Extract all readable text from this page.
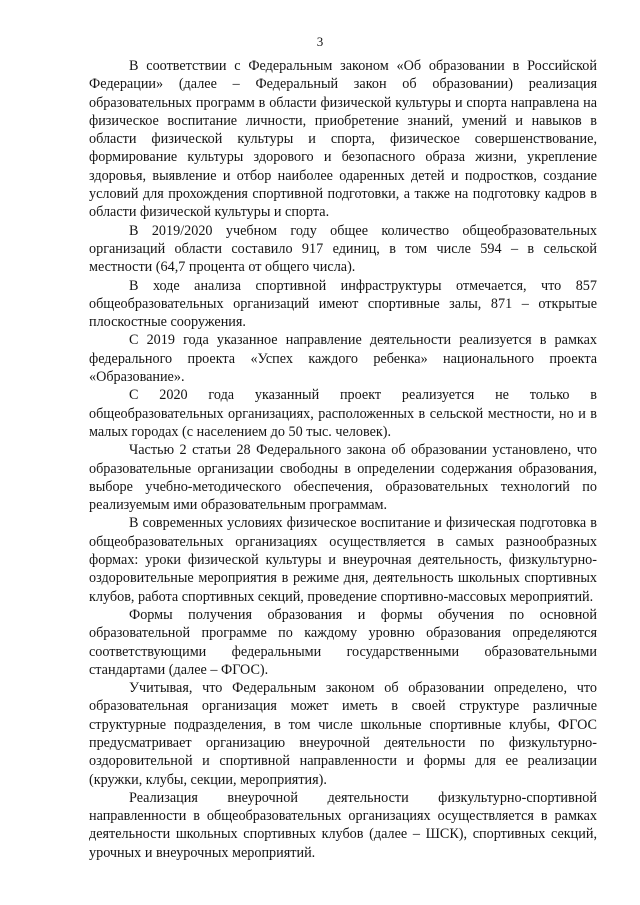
3

В соответствии с Федеральным законом «Об образовании в Российской Федерации» (далее – Федеральный закон об образовании) реализация образовательных программ в области физической культуры и спорта направлена на физическое воспитание личности, приобретение знаний, умений и навыков в области физической культуры и спорта, физическое совершенствование, формирование культуры здорового и безопасного образа жизни, укрепление здоровья, выявление и отбор наиболее одаренных детей и подростков, создание условий для прохождения спортивной подготовки, а также на подготовку кадров в области физической культуры и спорта.

В 2019/2020 учебном году общее количество общеобразовательных организаций области составило 917 единиц, в том числе 594 – в сельской местности (64,7 процента от общего числа).

В ходе анализа спортивной инфраструктуры отмечается, что 857 общеобразовательных организаций имеют спортивные залы, 871 – открытые плоскостные сооружения.

С 2019 года указанное направление деятельности реализуется в рамках федерального проекта «Успех каждого ребенка» национального проекта «Образование».

С 2020 года указанный проект реализуется не только в общеобразовательных организациях, расположенных в сельской местности, но и в малых городах (с населением до 50 тыс. человек).

Частью 2 статьи 28 Федерального закона об образовании установлено, что образовательные организации свободны в определении содержания образования, выборе учебно-методического обеспечения, образовательных технологий по реализуемым ими образовательным программам.

В современных условиях физическое воспитание и физическая подготовка в общеобразовательных организациях осуществляется в самых разнообразных формах: уроки физической культуры и внеурочная деятельность, физкультурно-оздоровительные мероприятия в режиме дня, деятельность школьных спортивных клубов, работа спортивных секций, проведение спортивно-массовых мероприятий.

Формы получения образования и формы обучения по основной образовательной программе по каждому уровню образования определяются соответствующими федеральными государственными образовательными стандартами (далее – ФГОС).

Учитывая, что Федеральным законом об образовании определено, что образовательная организация может иметь в своей структуре различные структурные подразделения, в том числе школьные спортивные клубы, ФГОС предусматривает организацию внеурочной деятельности по физкультурно-оздоровительной и спортивной направленности и формы для ее реализации (кружки, клубы, секции, мероприятия).

Реализация внеурочной деятельности физкультурно-спортивной направленности в общеобразовательных организациях осуществляется в рамках деятельности школьных спортивных клубов (далее – ШСК), спортивных секций, урочных и внеурочных мероприятий.
